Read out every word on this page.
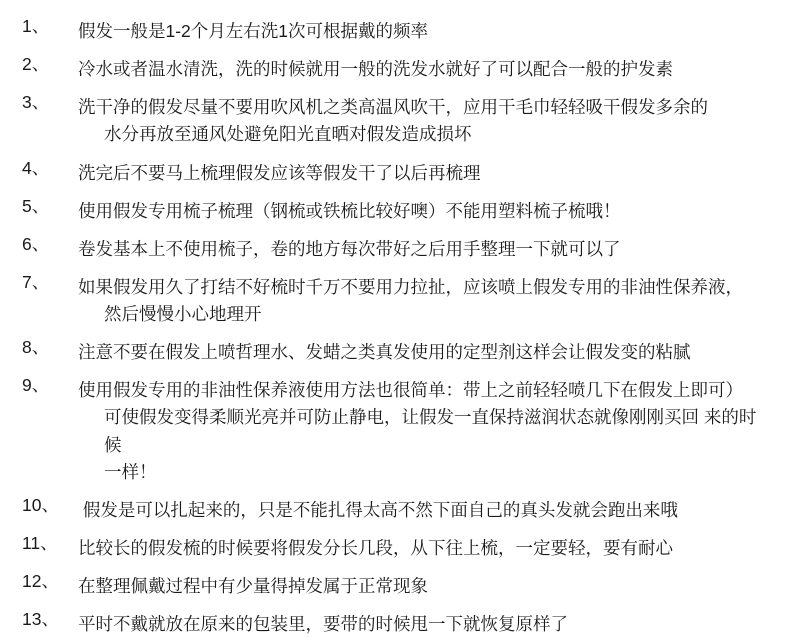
1、	假发一般是1-2个月左右洗1次可根据戴的频率
2、	冷水或者温水清洗，洗的时候就用一般的洗发水就好了可以配合一般的护发素
3、	洗干净的假发尽量不要用吹风机之类高温风吹干，应用干毛巾轻轻吸干假发多余的
水分再放至通风处避免阳光直晒对假发造成损坏
4、	洗完后不要马上梳理假发应该等假发干了以后再梳理
5、	使用假发专用梳子梳理（钢梳或铁梳比较好噢）不能用塑料梳子梳哦！
6、	卷发基本上不使用梳子，卷的地方每次带好之后用手整理一下就可以了
7、	如果假发用久了打结不好梳时千万不要用力拉扯，应该喷上假发专用的非油性保养液，
然后慢慢小心地理开
8、	注意不要在假发上喷哲理水、发蜡之类真发使用的定型剂这样会让假发变的粘腻
9、	使用假发专用的非油性保养液使用方法也很简单：带上之前轻轻喷几下在假发上即可）
可使假发变得柔顺光亮并可防止静电，让假发一直保持滋润状态就像刚刚买回 来的时候
一样！
10、	假发是可以扎起来的，只是不能扎得太高不然下面自己的真头发就会跑出来哦
11、	比较长的假发梳的时候要将假发分长几段，从下往上梳，一定要轻，要有耐心
12、	在整理佩戴过程中有少量得掉发属于正常现象
13、	平时不戴就放在原来的包装里，要带的时候甩一下就恢复原样了
